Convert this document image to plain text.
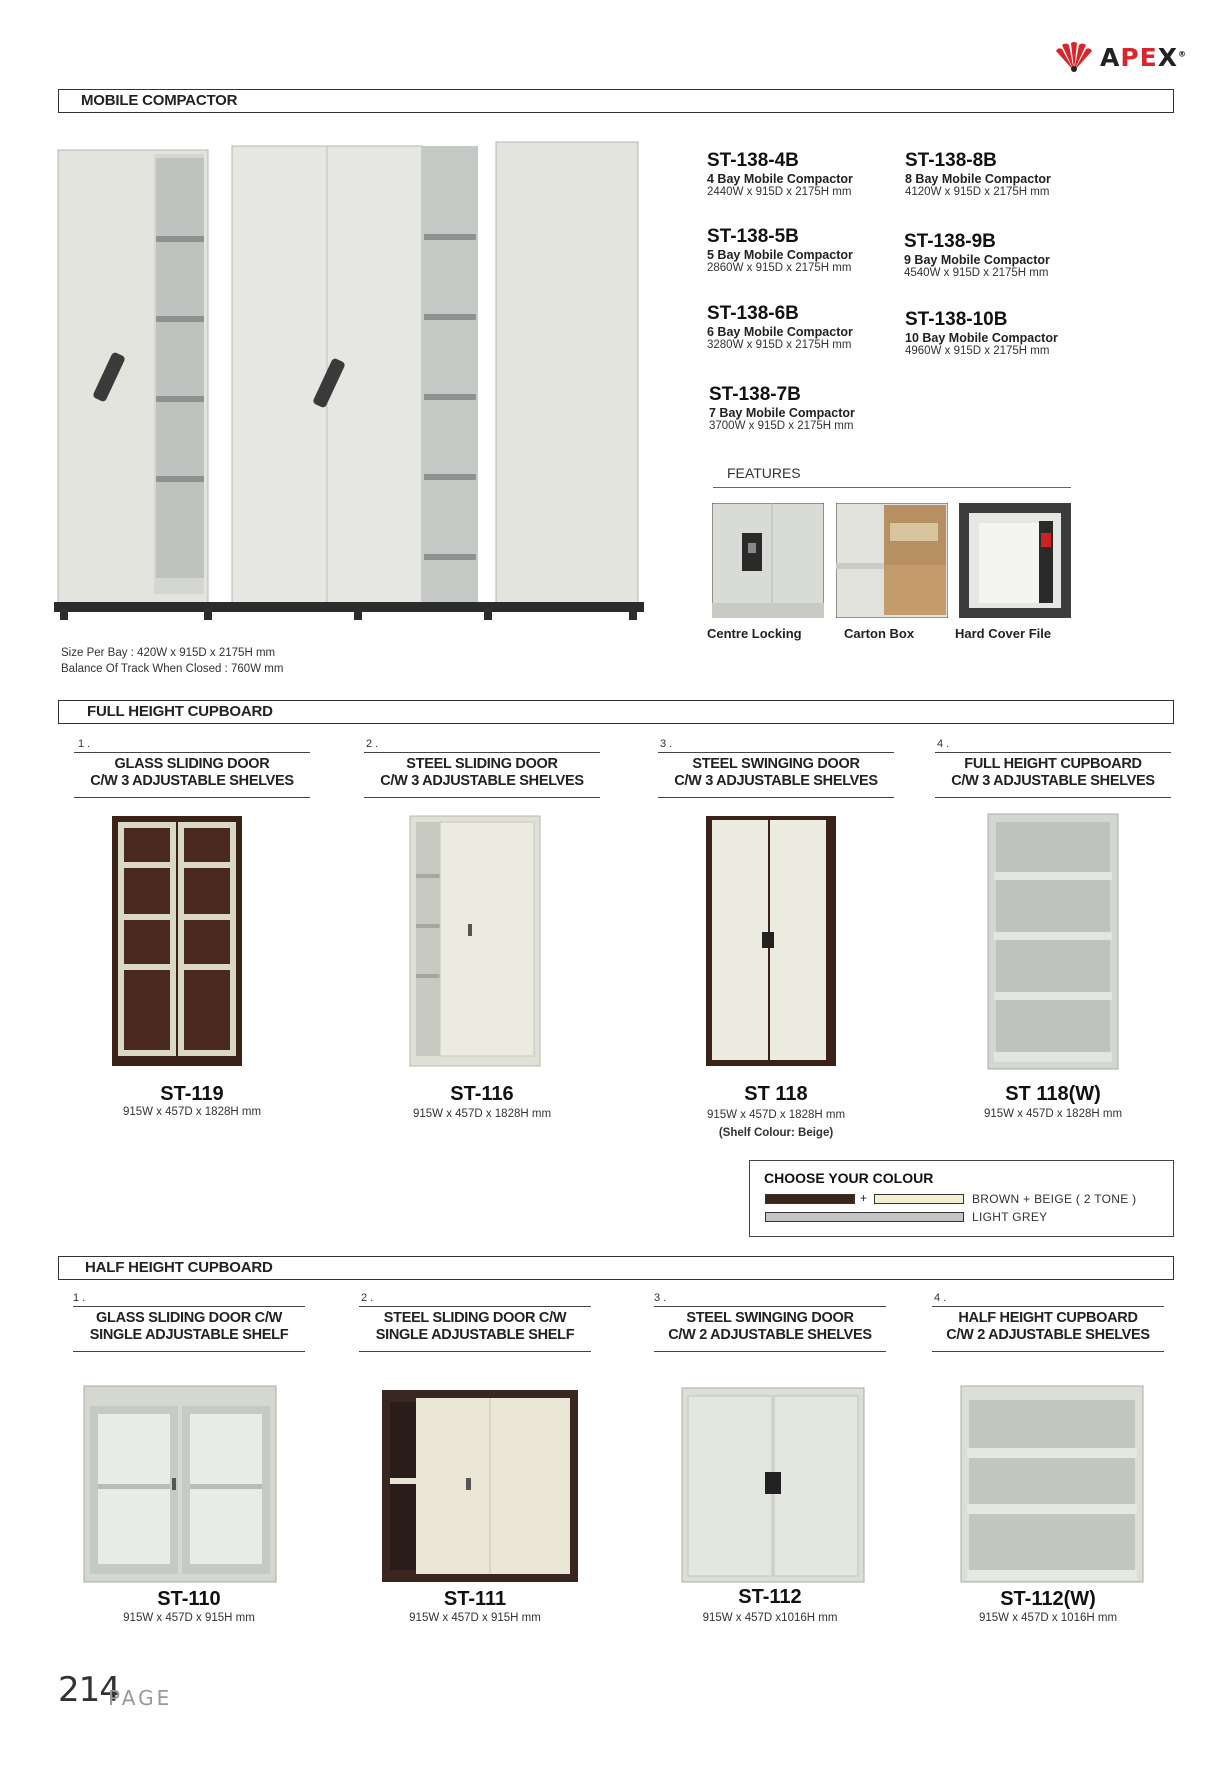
APEX®
MOBILE COMPACTOR
Size Per Bay : 420W x 915D x 2175H mm
Balance Of Track When Closed : 760W mm
ST-138-4B
4 Bay Mobile Compactor
2440W x 915D x 2175H mm
ST-138-5B
5 Bay Mobile Compactor
2860W x 915D x 2175H mm
ST-138-6B
6 Bay Mobile Compactor
3280W x 915D x 2175H mm
ST-138-7B
7 Bay Mobile Compactor
3700W x 915D x 2175H mm
ST-138-8B
8 Bay Mobile Compactor
4120W x 915D x 2175H mm
ST-138-9B
9 Bay Mobile Compactor
4540W x 915D x 2175H mm
ST-138-10B
10 Bay Mobile Compactor
4960W x 915D x 2175H mm
FEATURES
Centre Locking	Carton Box	Hard Cover File
FULL HEIGHT CUPBOARD
1 .
GLASS SLIDING DOOR
C/W 3 ADJUSTABLE SHELVES
ST-119
915W x 457D x 1828H mm
2 .
STEEL SLIDING DOOR
C/W 3 ADJUSTABLE SHELVES
ST-116
915W x 457D x 1828H mm
3 .
STEEL SWINGING DOOR
C/W 3 ADJUSTABLE SHELVES
ST 118
915W x 457D x 1828H mm
(Shelf Colour: Beige)
4 .
FULL HEIGHT CUPBOARD
C/W 3 ADJUSTABLE SHELVES
ST 118(W)
915W x 457D x 1828H mm
CHOOSE YOUR COLOUR
+	BROWN + BEIGE ( 2 TONE )
LIGHT GREY
HALF HEIGHT CUPBOARD
1 .
GLASS SLIDING DOOR C/W
SINGLE ADJUSTABLE SHELF
ST-110
915W x 457D x 915H mm
2 .
STEEL SLIDING DOOR C/W
SINGLE ADJUSTABLE SHELF
ST-111
915W x 457D x 915H mm
3 .
STEEL SWINGING DOOR
C/W 2 ADJUSTABLE SHELVES
ST-112
915W x 457D x1016H mm
4 .
HALF HEIGHT CUPBOARD
C/W 2 ADJUSTABLE SHELVES
ST-112(W)
915W x 457D x 1016H mm
214
PAGE
